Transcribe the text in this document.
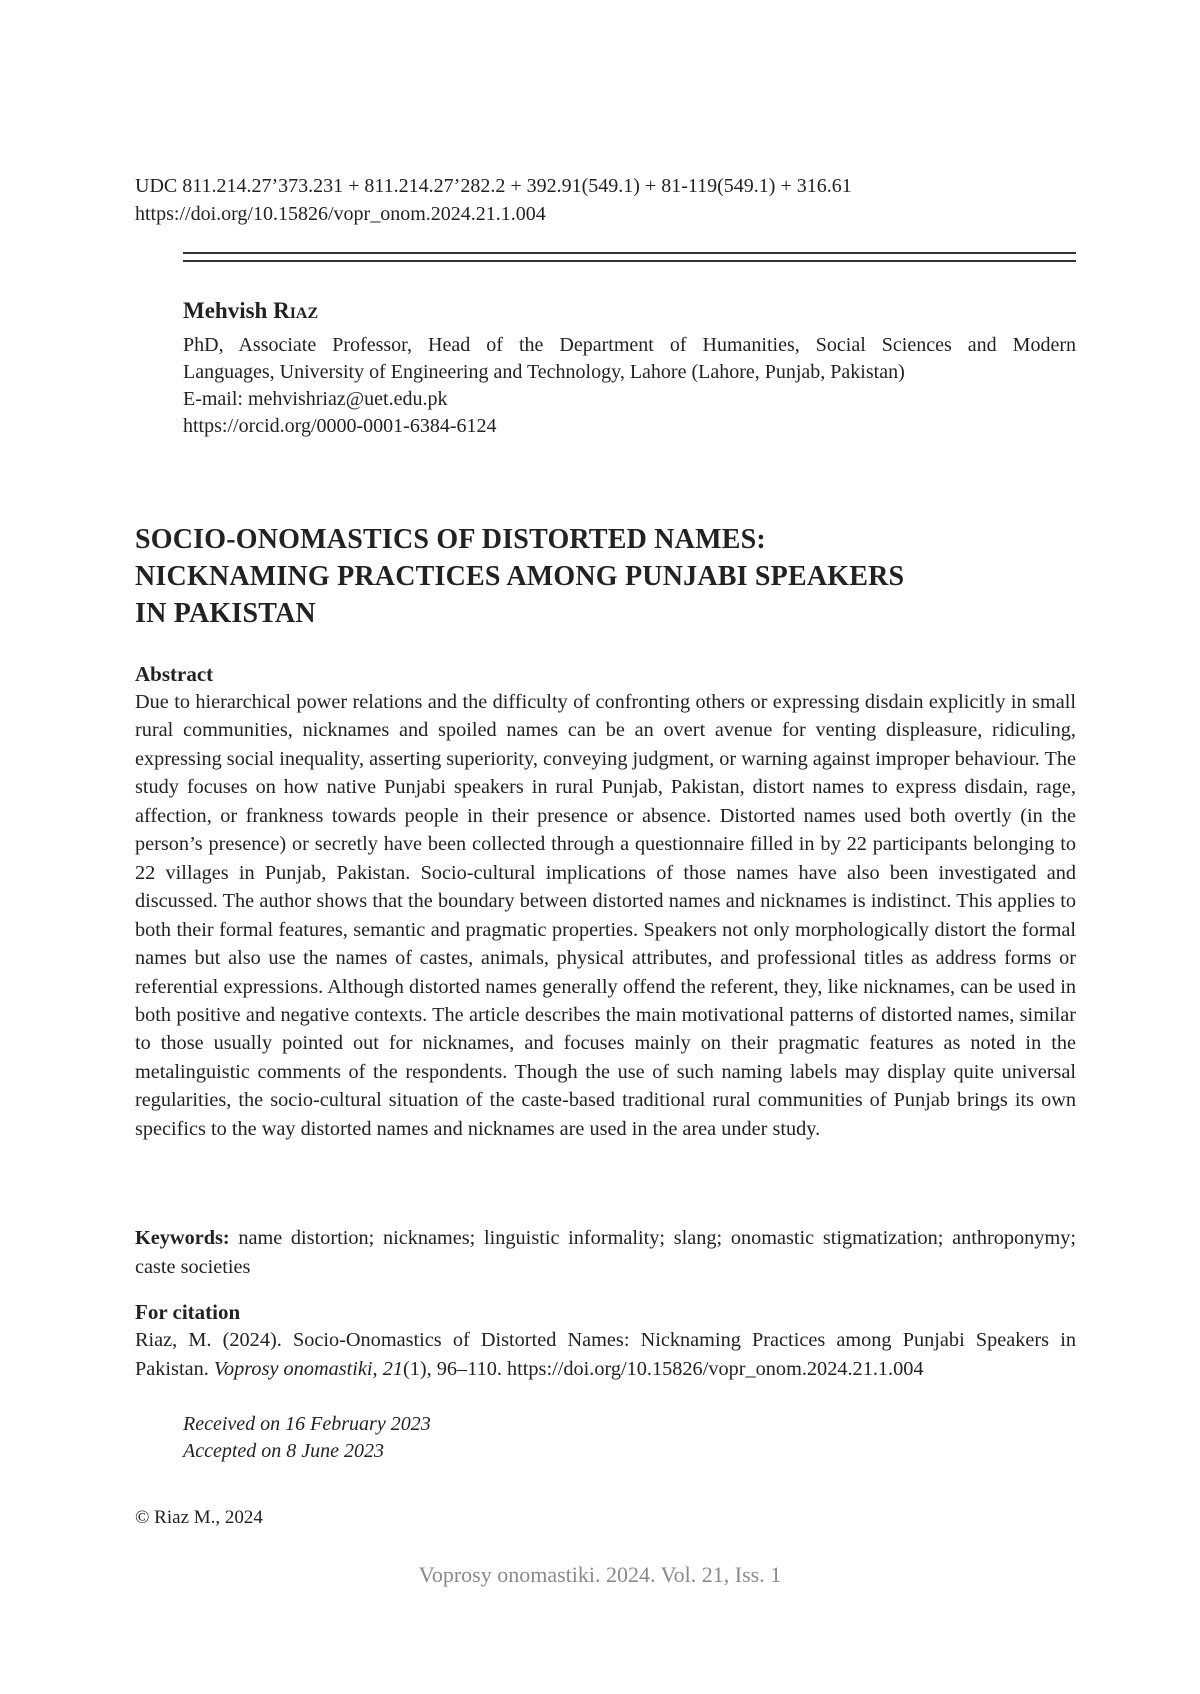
UDC 811.214.27’373.231 + 811.214.27’282.2 + 392.91(549.1) + 81-119(549.1) + 316.61
https://doi.org/10.15826/vopr_onom.2024.21.1.004
Mehvish Riaz
PhD, Associate Professor, Head of the Department of Humanities, Social Sciences and Modern
Languages, University of Engineering and Technology, Lahore (Lahore, Punjab, Pakistan)
E-mail: mehvishriaz@uet.edu.pk
https://orcid.org/0000-0001-6384-6124
SOCIO-ONOMASTICS OF DISTORTED NAMES:
NICKNAMING PRACTICES AMONG PUNJABI SPEAKERS
IN PAKISTAN
Abstract
Due to hierarchical power relations and the difficulty of confronting others or expressing disdain explicitly in small rural communities, nicknames and spoiled names can be an overt avenue for venting displeasure, ridiculing, expressing social inequality, asserting superiority, conveying judgment, or warning against improper behaviour. The study focuses on how native Punjabi speakers in rural Punjab, Pakistan, distort names to express disdain, rage, affection, or frankness towards people in their presence or absence. Distorted names used both overtly (in the person’s presence) or secretly have been collected through a questionnaire filled in by 22 participants belonging to 22 villages in Punjab, Pakistan. Socio-cultural implications of those names have also been investigated and discussed. The author shows that the boundary between distorted names and nicknames is indistinct. This applies to both their formal features, semantic and pragmatic properties. Speakers not only morphologically distort the formal names but also use the names of castes, animals, physical attributes, and professional titles as address forms or referential expressions. Although distorted names generally offend the referent, they, like nicknames, can be used in both positive and negative contexts. The article describes the main motivational patterns of distorted names, similar to those usually pointed out for nicknames, and focuses mainly on their pragmatic features as noted in the metalinguistic comments of the respondents. Though the use of such naming labels may display quite universal regularities, the socio-cultural situation of the caste-based traditional rural communities of Punjab brings its own specifics to the way distorted names and nicknames are used in the area under study.
Keywords: name distortion; nicknames; linguistic informality; slang; onomastic stigmatization; anthroponymy; caste societies
For citation
Riaz, M. (2024). Socio-Onomastics of Distorted Names: Nicknaming Practices among Punjabi Speakers in Pakistan. Voprosy onomastiki, 21(1), 96–110. https://doi.org/10.15826/vopr_onom.2024.21.1.004
Received on 16 February 2023
Accepted on 8 June 2023
© Riaz M., 2024
Voprosy onomastiki. 2024. Vol. 21, Iss. 1
